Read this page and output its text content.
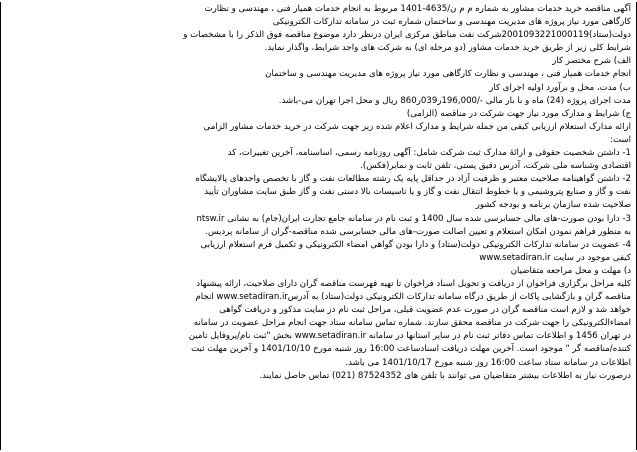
آگهی مناقصه خرید خدمات مشاور به شماره م م ن/4635-1401 مربوط به انجام خدمات همیار فنی ، مهندسی و نظارت
کارگاهی مورد نیاز پروژه های مدیریت مهندسی و ساختمان شماره ثبت در سامانه تدارکات الکترونیکی
دولت(ستاد)2001093221000119شرکت نفت مناطق مرکزی ایران درنظر دارد موضوع مناقصه فوق الذکر را با مشخصات و
شرایط کلی زیر از طریق خرید خدمات مشاور (دو مرحله ای) به شرکت های واجد شرایط، واگذار نماید.
الف) شرح مختصر کار
انجام خدمات همیار فنی ، مهندسی و نظارت کارگاهی مورد نیاز پروژه های مدیریت مهندسی و ساختمان
ب) مدت، محل و برآورد اولیه اجرای کار
مدت اجرای پروژه (24) ماه و با بار مالی -/196,000ر039ر860 ریال و محل اجرا تهران می-باشد.
ج) شرایط و مدارک مورد نیاز جهت شرکت در مناقصه (الزامی)
ارائه مدارک استعلام ارزیابی کیفی من جمله شرایط و مدارک اعلام شده زیر جهت شرکت در خرید خدمات مشاور الزامی
است:
1- داشتن شخصیت حقوقی و ارائۀ مدارک ثبت شرکت شامل: آگهی روزنامه رسمی، اساسنامه، آخرین تغییرات، کد
اقتصادی وشناسه ملی شرکت، آدرس دقیق پستی، تلفن ثابت و نمابر(فکس).
2- داشتن گواهینامه صلاحیت معتبر و ظرفیت آزاد در حداقل پایه یک رشته مطالعات نفت و گاز با تخصص واحدهای پالایشگاه
نفت و گاز و صنایع پتروشیمی و یا خطوط انتقال نفت و گاز و یا تاسیسات بالا دستی نفت و گاز طبق سایت مشاوران تأیید
صلاحیت شده سازمان برنامه و بودجه کشور
3- دارا بودن صورت-های مالی حسابرسی شده سال 1400 و ثبت نام در سامانه جامع تجارت ایران(جام) به نشانی ntsw.ir
به منظور فراهم نمودن امکان استعلام و تعیین اصالت صورت-های مالی حسابرسی شده مناقصه-گران از سامانه پردیس.
4- عضویت در سامانه تدارکات الکترونیکی دولت(ستاد) و دارا بودن گواهی امضاء الکترونیکی و تکمیل فرم استعلام ارزیابی
کیفی موجود در سایت www.setadiran.ir
د) مهلت و محل مراجعه متقاضیان
کلیه مراحل برگزاری فراخوان از دریافت و تحویل اسناد فراخوان تا تهیه فهرست مناقصه گران دارای صلاحیت، ارائه پیشنهاد
مناقصه گران و بازگشایی پاکات از طریق درگاه سامانه تدارکات الکترونیکی دولت(ستاد) به آدرسwww.setadiran.ir انجام
خواهد شد و لازم است مناقصه گران در صورت عدم عضویت قبلی، مراحل ثبت نام در سایت مذکور و دریافت گواهی
امضاءالکترونیکی را جهت شرکت در مناقصه محقق سازند. شماره تماس سامانه ستاد جهت انجام مراحل عضویت در سامانه
در تهران 1456 و اطلاعات تماس دفاتر ثبت نام در سایر استانها در سامانه www.setadiran.ir بخش "ثبت نام/پروفایل تامین
کننده/مناقصه گر " موجود است. آخرین مهلت دریافت اسنادساعت 16:00 روز شنبه مورخ 1401/10/10 و آخرین مهلت ثبت
اطلاعات در سامانه ستاد ساعت 16:00 روز شنبه مورخ 1401/10/17 می باشد.
درصورت نیاز به اطلاعات بیشتر متقاضیان می توانند با تلفن های 87524352 (021) تماس حاصل نمایند.
